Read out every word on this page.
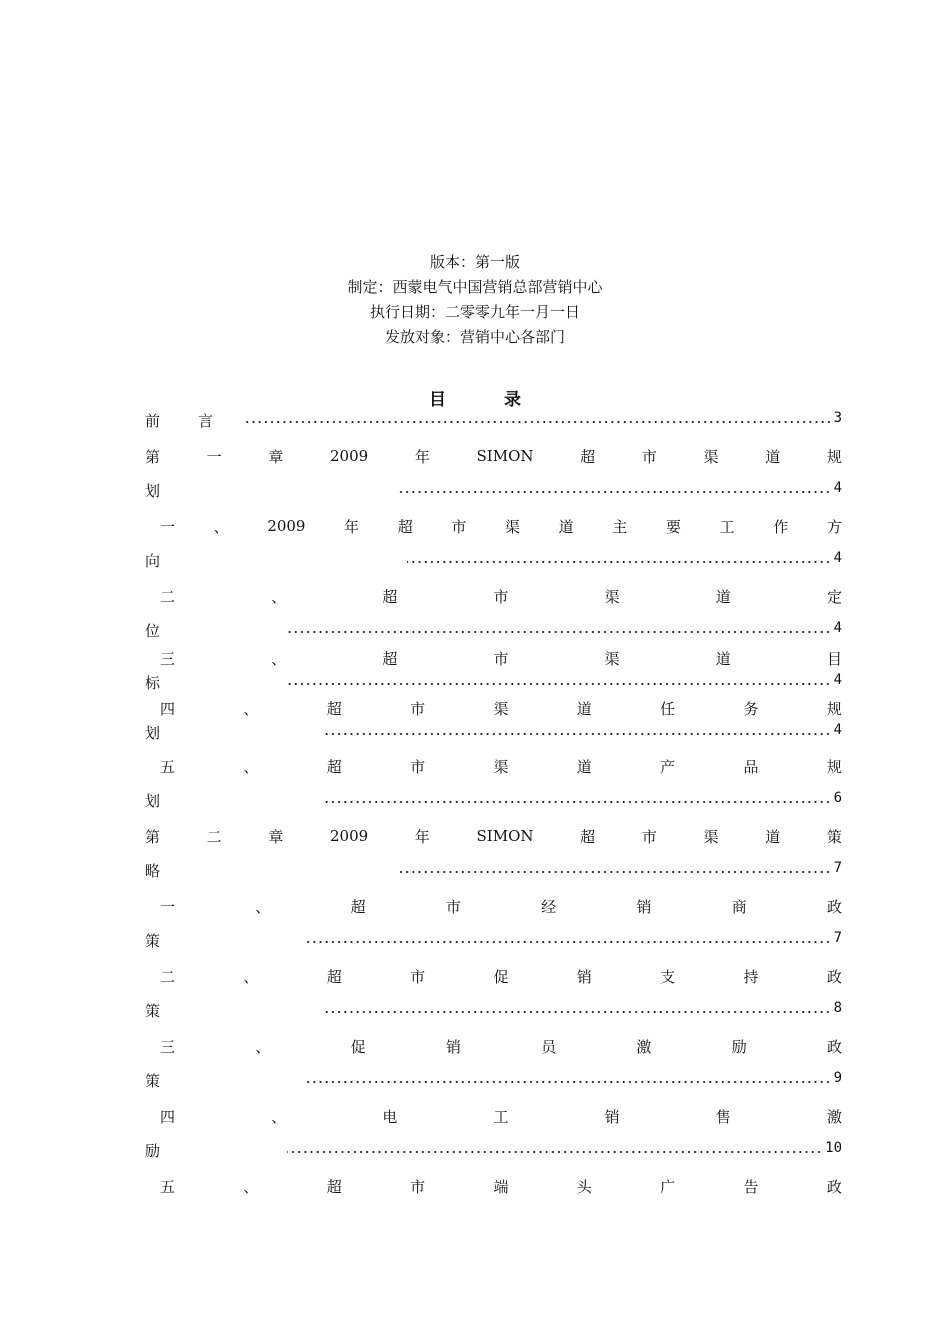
版本：第一版
制定：西蒙电气中国营销总部营销中心
执行日期：二零零九年一月一日
发放对象：营销中心各部门
目 录
前	言	3
第	一	章	2009	年	SIMON	超	市	渠	道	规
划	4
一	、	2009	年	超	市	渠	道	主	要	工	作	方
向	4
二	、	超	市	渠	道	定
位	4
三	、	超	市	渠	道	目
标	4
四	、	超	市	渠	道	任	务	规
划	4
五	、	超	市	渠	道	产	品	规
划	6
第	二	章	2009	年	SIMON	超	市	渠	道	策
略	7
一	、	超	市	经	销	商	政
策	7
二	、	超	市	促	销	支	持	政
策	8
三	、	促	销	员	激	励	政
策	9
四	、	电	工	销	售	激
励	10
五	、	超	市	端	头	广	告	政
